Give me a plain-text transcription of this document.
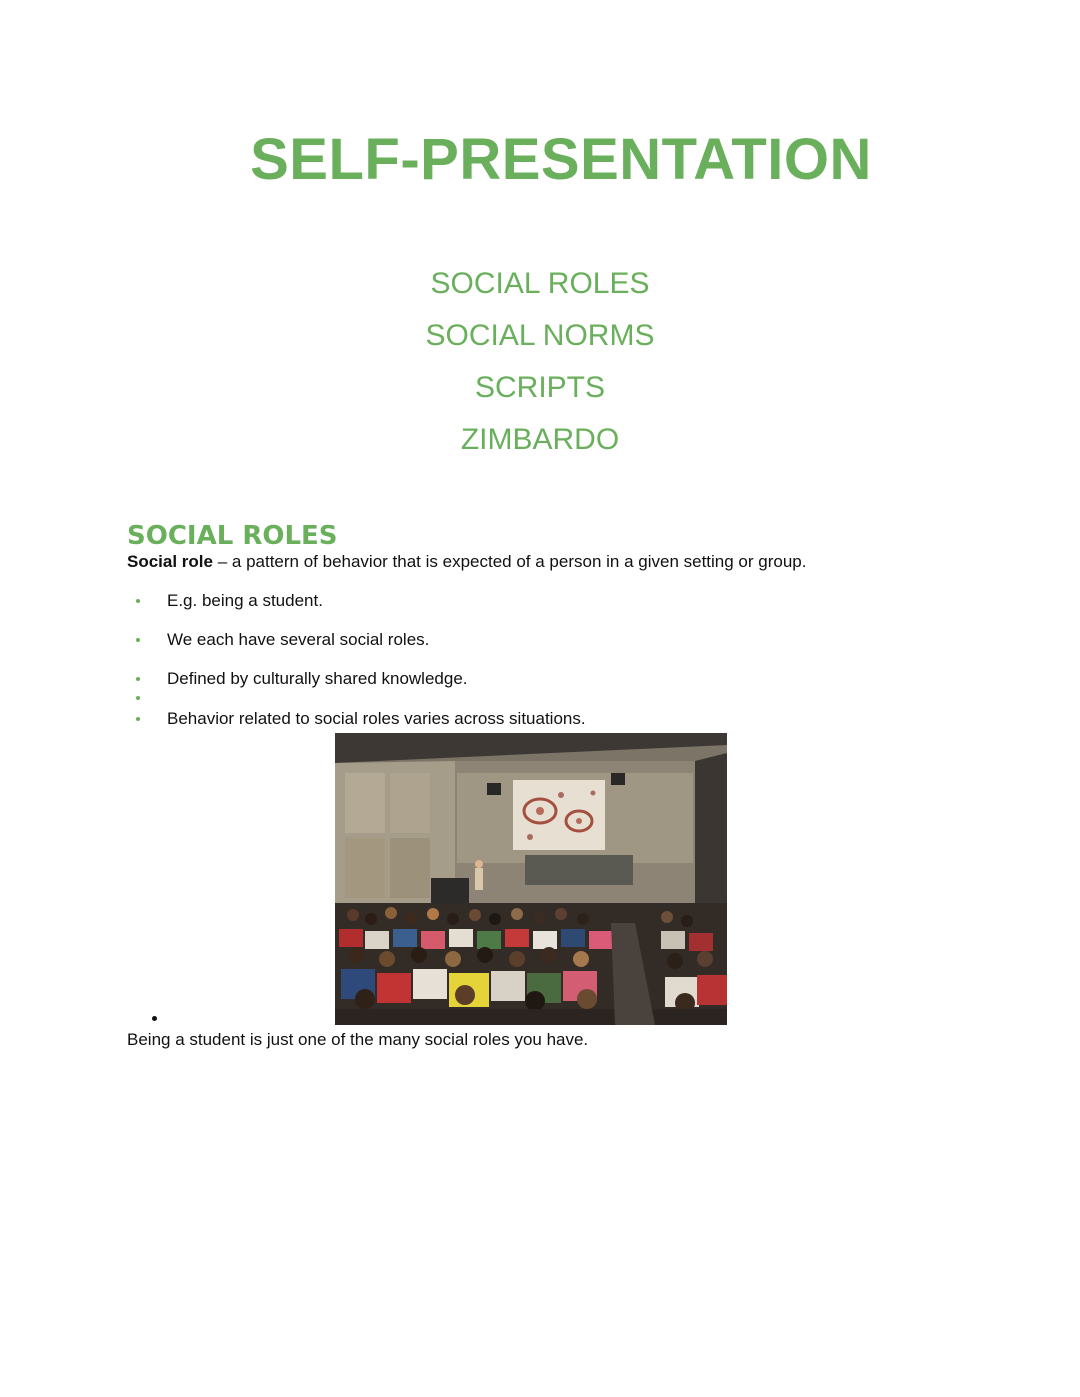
SELF-PRESENTATION
SOCIAL ROLES
SOCIAL NORMS
SCRIPTS
ZIMBARDO
SOCIAL ROLES
Social role – a pattern of behavior that is expected of a person in a given setting or group.
E.g. being a student.
We each have several social roles.
Defined by culturally shared knowledge.
Behavior related to social roles varies across situations.
Being a student is just one of the many social roles you have.
